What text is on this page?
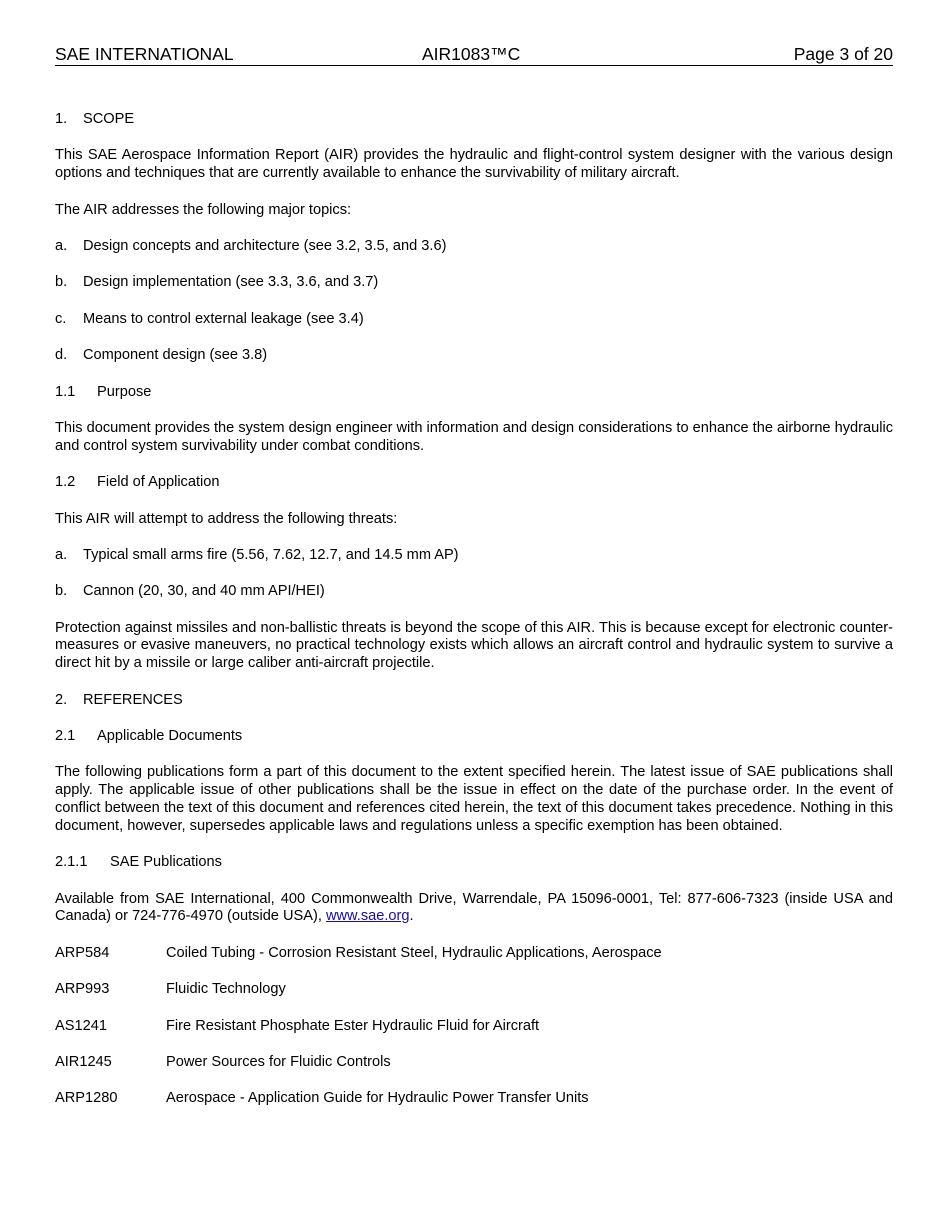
SAE INTERNATIONAL	AIR1083™C	Page 3 of 20
1. SCOPE

This SAE Aerospace Information Report (AIR) provides the hydraulic and flight-control system designer with the various design options and techniques that are currently available to enhance the survivability of military aircraft.

The AIR addresses the following major topics:

a. Design concepts and architecture (see 3.2, 3.5, and 3.6)
b. Design implementation (see 3.3, 3.6, and 3.7)
c. Means to control external leakage (see 3.4)
d. Component design (see 3.8)
1.1 Purpose

This document provides the system design engineer with information and design considerations to enhance the airborne hydraulic and control system survivability under combat conditions.

1.2 Field of Application

This AIR will attempt to address the following threats:

a. Typical small arms fire (5.56, 7.62, 12.7, and 14.5 mm AP)
b. Cannon (20, 30, and 40 mm API/HEI)

Protection against missiles and non-ballistic threats is beyond the scope of this AIR. This is because except for electronic counter-measures or evasive maneuvers, no practical technology exists which allows an aircraft control and hydraulic system to survive a direct hit by a missile or large caliber anti-aircraft projectile.

2. REFERENCES
2.1 Applicable Documents

The following publications form a part of this document to the extent specified herein. The latest issue of SAE publications shall apply. The applicable issue of other publications shall be the issue in effect on the date of the purchase order. In the event of conflict between the text of this document and references cited herein, the text of this document takes precedence. Nothing in this document, however, supersedes applicable laws and regulations unless a specific exemption has been obtained.

2.1.1 SAE Publications

Available from SAE International, 400 Commonwealth Drive, Warrendale, PA 15096-0001, Tel: 877-606-7323 (inside USA and Canada) or 724-776-4970 (outside USA), www.sae.org.

ARP584	Coiled Tubing - Corrosion Resistant Steel, Hydraulic Applications, Aerospace
ARP993	Fluidic Technology
AS1241	Fire Resistant Phosphate Ester Hydraulic Fluid for Aircraft
AIR1245	Power Sources for Fluidic Controls
ARP1280	Aerospace - Application Guide for Hydraulic Power Transfer Units
